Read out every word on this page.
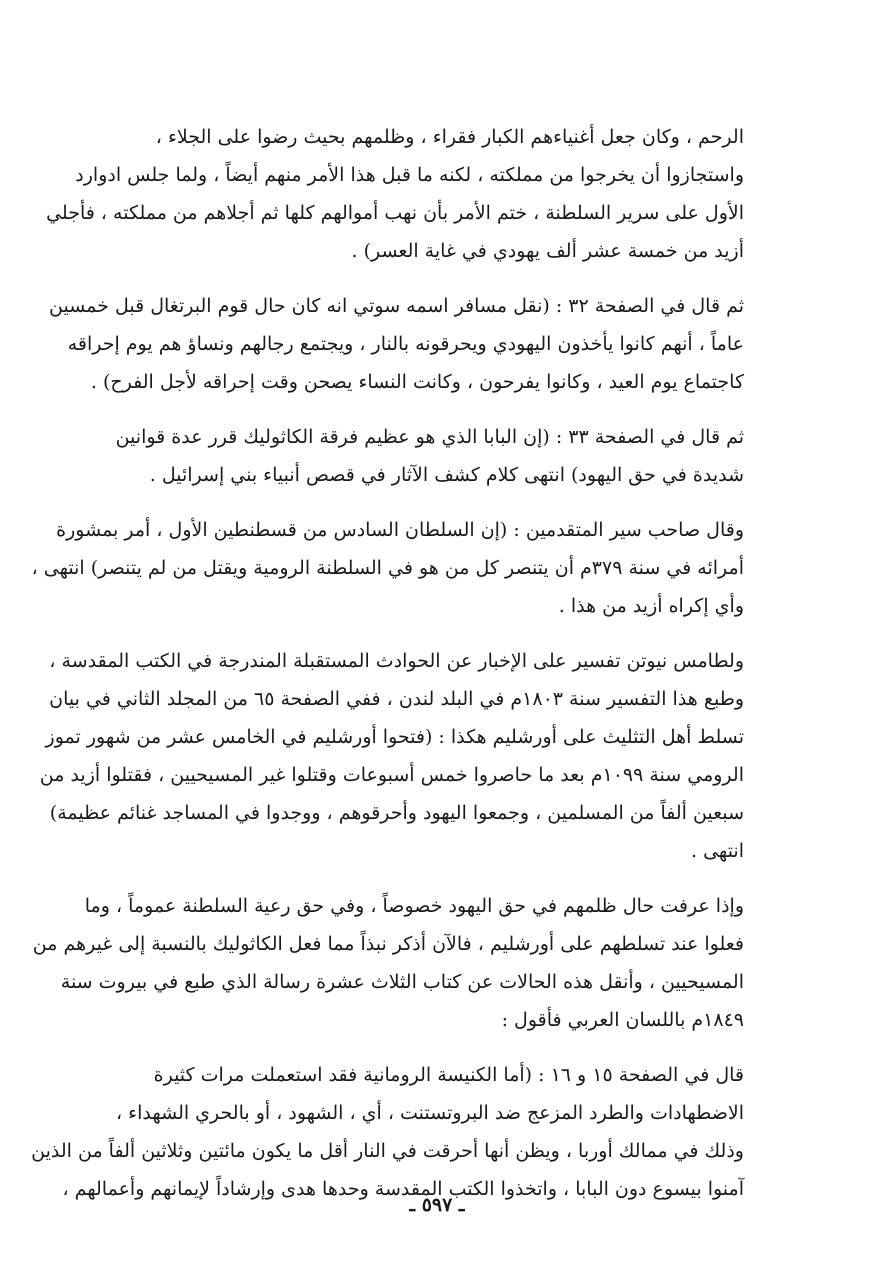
الرحم ، وكان جعل أغنياءهم الكبار فقراء ، وظلمهم بحيث رضوا على الجلاء ،
واستجازوا أن يخرجوا من مملكته ، لكنه ما قبل هذا الأمر منهم أيضاً ، ولما جلس ادوارد
الأول على سرير السلطنة ، ختم الأمر بأن نهب أموالهم كلها ثم أجلاهم من مملكته ، فأجلي
أزيد من خمسة عشر ألف يهودي في غاية العسر) .

ثم قال في الصفحة ٣٢ : (نقل مسافر اسمه سوتي انه كان حال قوم البرتغال قبل خمسين
عاماً ، أنهم كانوا يأخذون اليهودي ويحرقونه بالنار ، ويجتمع رجالهم ونساؤ هم يوم إحراقه
كاجتماع يوم العيد ، وكانوا يفرحون ، وكانت النساء يصحن وقت إحراقه لأجل الفرح) .

ثم قال في الصفحة ٣٣ : (إن البابا الذي هو عظيم فرقة الكاثوليك قرر عدة قوانين
شديدة في حق اليهود) انتهى كلام كشف الآثار في قصص أنبياء بني إسرائيل .

وقال صاحب سير المتقدمين : (إن السلطان السادس من قسطنطين الأول ، أمر بمشورة
أمرائه في سنة ٣٧٩م أن يتنصر كل من هو في السلطنة الرومية ويقتل من لم يتنصر) انتهى ،
وأي إكراه أزيد من هذا .

ولطامس نيوتن تفسير على الإخبار عن الحوادث المستقبلة المندرجة في الكتب المقدسة ،
وطبع هذا التفسير سنة ١٨٠٣م في البلد لندن ، ففي الصفحة ٦٥ من المجلد الثاني في بيان
تسلط أهل التثليث على أورشليم هكذا : (فتحوا أورشليم في الخامس عشر من شهور تموز
الرومي سنة ١٠٩٩م بعد ما حاصروا خمس أسبوعات وقتلوا غير المسيحيين ، فقتلوا أزيد من
سبعين ألفاً من المسلمين ، وجمعوا اليهود وأحرقوهم ، ووجدوا في المساجد غنائم عظيمة)
انتهى .

وإذا عرفت حال ظلمهم في حق اليهود خصوصاً ، وفي حق رعية السلطنة عموماً ، وما
فعلوا عند تسلطهم على أورشليم ، فالآن أذكر نبذاً مما فعل الكاثوليك بالنسبة إلى غيرهم من
المسيحيين ، وأنقل هذه الحالات عن كتاب الثلاث عشرة رسالة الذي طبع في بيروت سنة
١٨٤٩م باللسان العربي فأقول :

قال في الصفحة ١٥ و ١٦ : (أما الكنيسة الرومانية فقد استعملت مرات كثيرة
الاضطهادات والطرد المزعج ضد البروتستنت ، أي ، الشهود ، أو بالحري الشهداء ،
وذلك في ممالك أوربا ، ويظن أنها أحرقت في النار أقل ما يكون مائتين وثلاثين ألفاً من الذين
آمنوا بيسوع دون البابا ، واتخذوا الكتب المقدسة وحدها هدى وإرشاداً لإيمانهم وأعمالهم ،

ـ ٥٩٧ ـ
